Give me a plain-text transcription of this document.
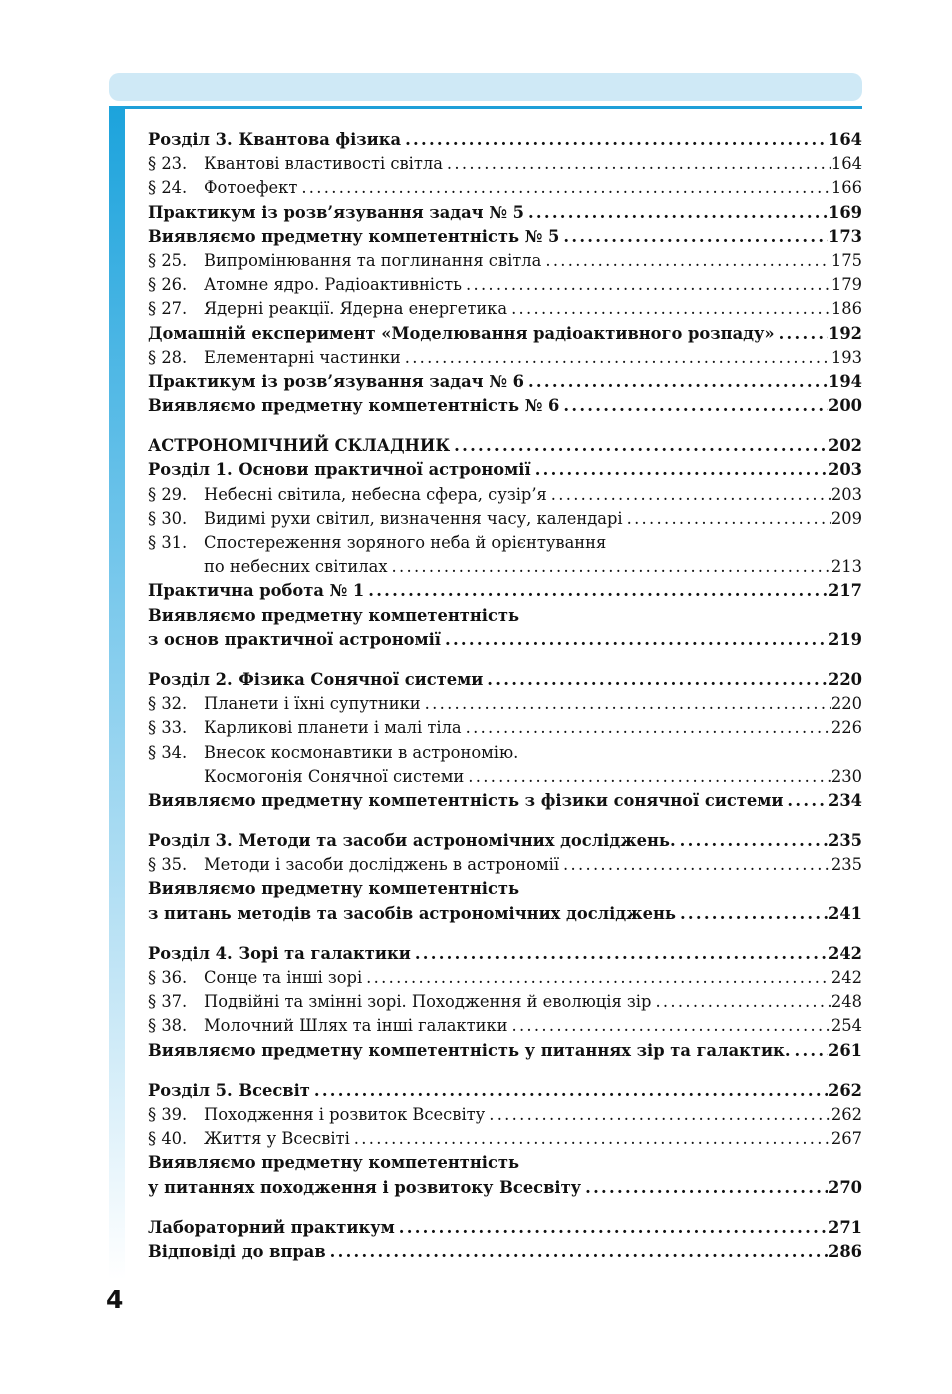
Розділ 3. Квантова фізика .....	164
§ 23.	Квантові властивості світла .....	164
§ 24.	Фотоефект .....	166
Практикум із розв’язування задач № 5 .....	169
Виявляємо предметну компетентність № 5 .....	173
§ 25.	Випромінювання та поглинання світла .....	175
§ 26.	Атомне ядро. Радіоактивність .....	179
§ 27.	Ядерні реакції. Ядерна енергетика .....	186
Домашній експеримент «Моделювання радіоактивного розпаду» .....	192
§ 28.	Елементарні частинки .....	193
Практикум із розв’язування задач № 6 .....	194
Виявляємо предметну компетентність № 6 .....	200
АСТРОНОМІЧНИЙ СКЛАДНИК .....	202
Розділ 1. Основи практичної астрономії .....	203
§ 29.	Небесні світила, небесна сфера, сузір’я .....	203
§ 30.	Видимі рухи світил, визначення часу, календарі .....	209
§ 31.	Спостереження зоряного неба й орієнтування
по небесних світилах .....	213
Практична робота № 1 .....	217
Виявляємо предметну компетентність
з основ практичної астрономії .....	219
Розділ 2. Фізика Сонячної системи .....	220
§ 32.	Планети і їхні супутники .....	220
§ 33.	Карликові планети і малі тіла .....	226
§ 34.	Внесок космонавтики в астрономію.
Космогонія Сонячної системи .....	230
Виявляємо предметну компетентність з фізики сонячної системи .....	234
Розділ 3. Методи та засоби астрономічних досліджень. .....	235
§ 35.	Методи і засоби досліджень в астрономії .....	235
Виявляємо предметну компетентність
з питань методів та засобів астрономічних досліджень .....	241
Розділ 4. Зорі та галактики .....	242
§ 36.	Сонце та інші зорі .....	242
§ 37.	Подвійні та змінні зорі. Походження й еволюція зір .....	248
§ 38.	Молочний Шлях та інші галактики .....	254
Виявляємо предметну компетентність у питаннях зір та галактик. ..... 261
Розділ 5. Всесвіт .....	262
§ 39.	Походження і розвиток Всесвіту .....	262
§ 40.	Життя у Всесвіті .....	267
Виявляємо предметну компетентність
у питаннях походження і розвитоку Всесвіту .....	270
Лабораторний практикум .....	271
Відповіді до вправ .....	286
4
